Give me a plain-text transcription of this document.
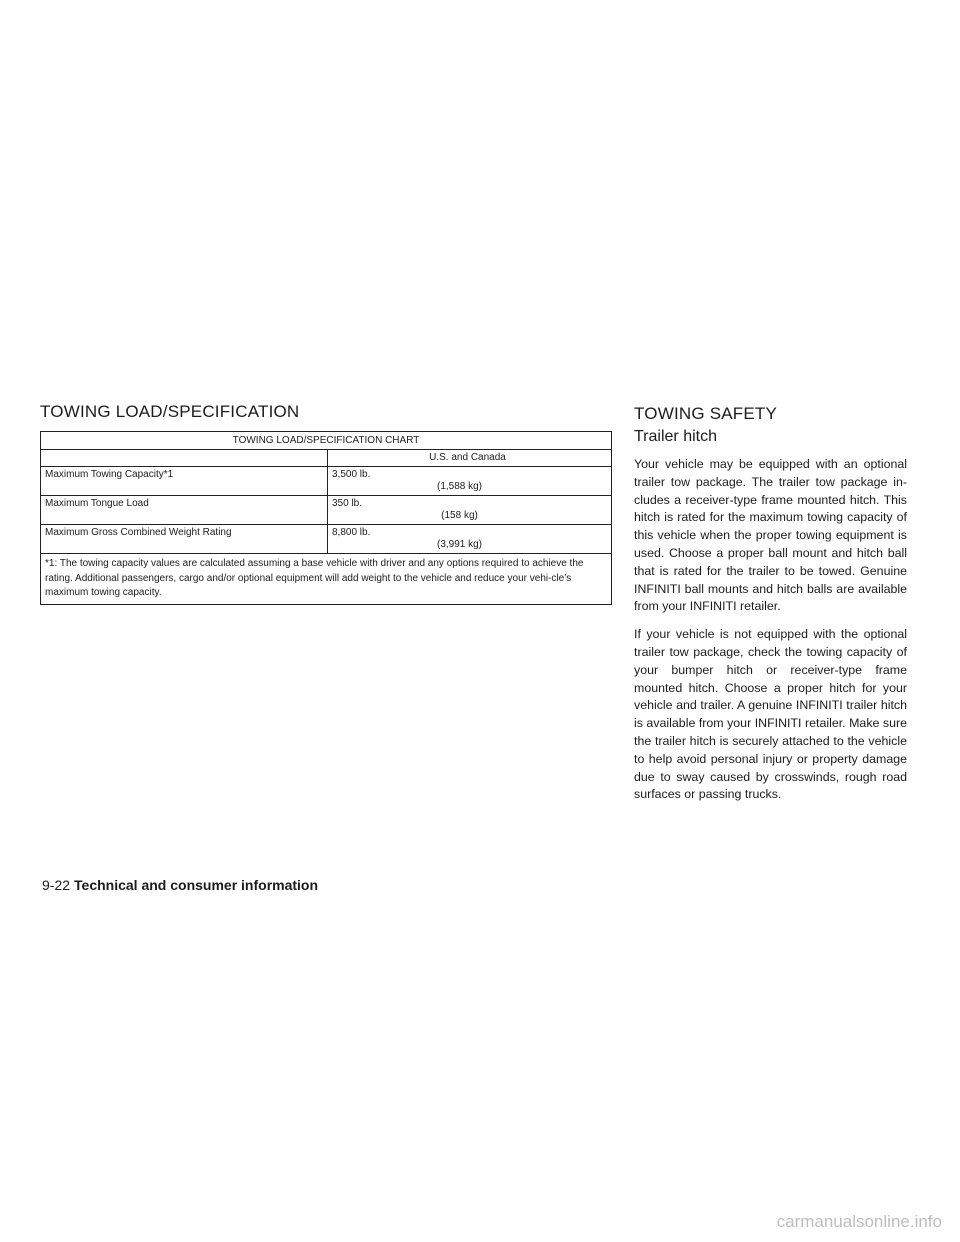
TOWING LOAD/SPECIFICATION
TOWING LOAD/SPECIFICATION CHART	
	U.S. and Canada
Maximum Towing Capacity*1	3,500 lb.
(1,588 kg)

Maximum Tongue Load	350 lb.
(158 kg)

Maximum Gross Combined Weight Rating	8,800 lb.
(3,991 kg)

*1: The towing capacity values are calculated assuming a base vehicle with driver and any options required to achieve the rating. Additional passengers, cargo and/or optional equipment will add weight to the vehicle and reduce your vehi-cle’s maximum towing capacity.	
TOWING SAFETY
Trailer hitch

Your vehicle may be equipped with an optional trailer tow package. The trailer tow package in-cludes a receiver-type frame mounted hitch. This hitch is rated for the maximum towing capacity of this vehicle when the proper towing equipment is used. Choose a proper ball mount and hitch ball that is rated for the trailer to be towed. Genuine INFINITI ball mounts and hitch balls are available from your INFINITI retailer.

If your vehicle is not equipped with the optional trailer tow package, check the towing capacity of your bumper hitch or receiver-type frame mounted hitch. Choose a proper hitch for your vehicle and trailer. A genuine INFINITI trailer hitch is available from your INFINITI retailer. Make sure the trailer hitch is securely attached to the vehicle to help avoid personal injury or property damage due to sway caused by crosswinds, rough road surfaces or passing trucks.

9-22 Technical and consumer information
carmanualsonline.info
